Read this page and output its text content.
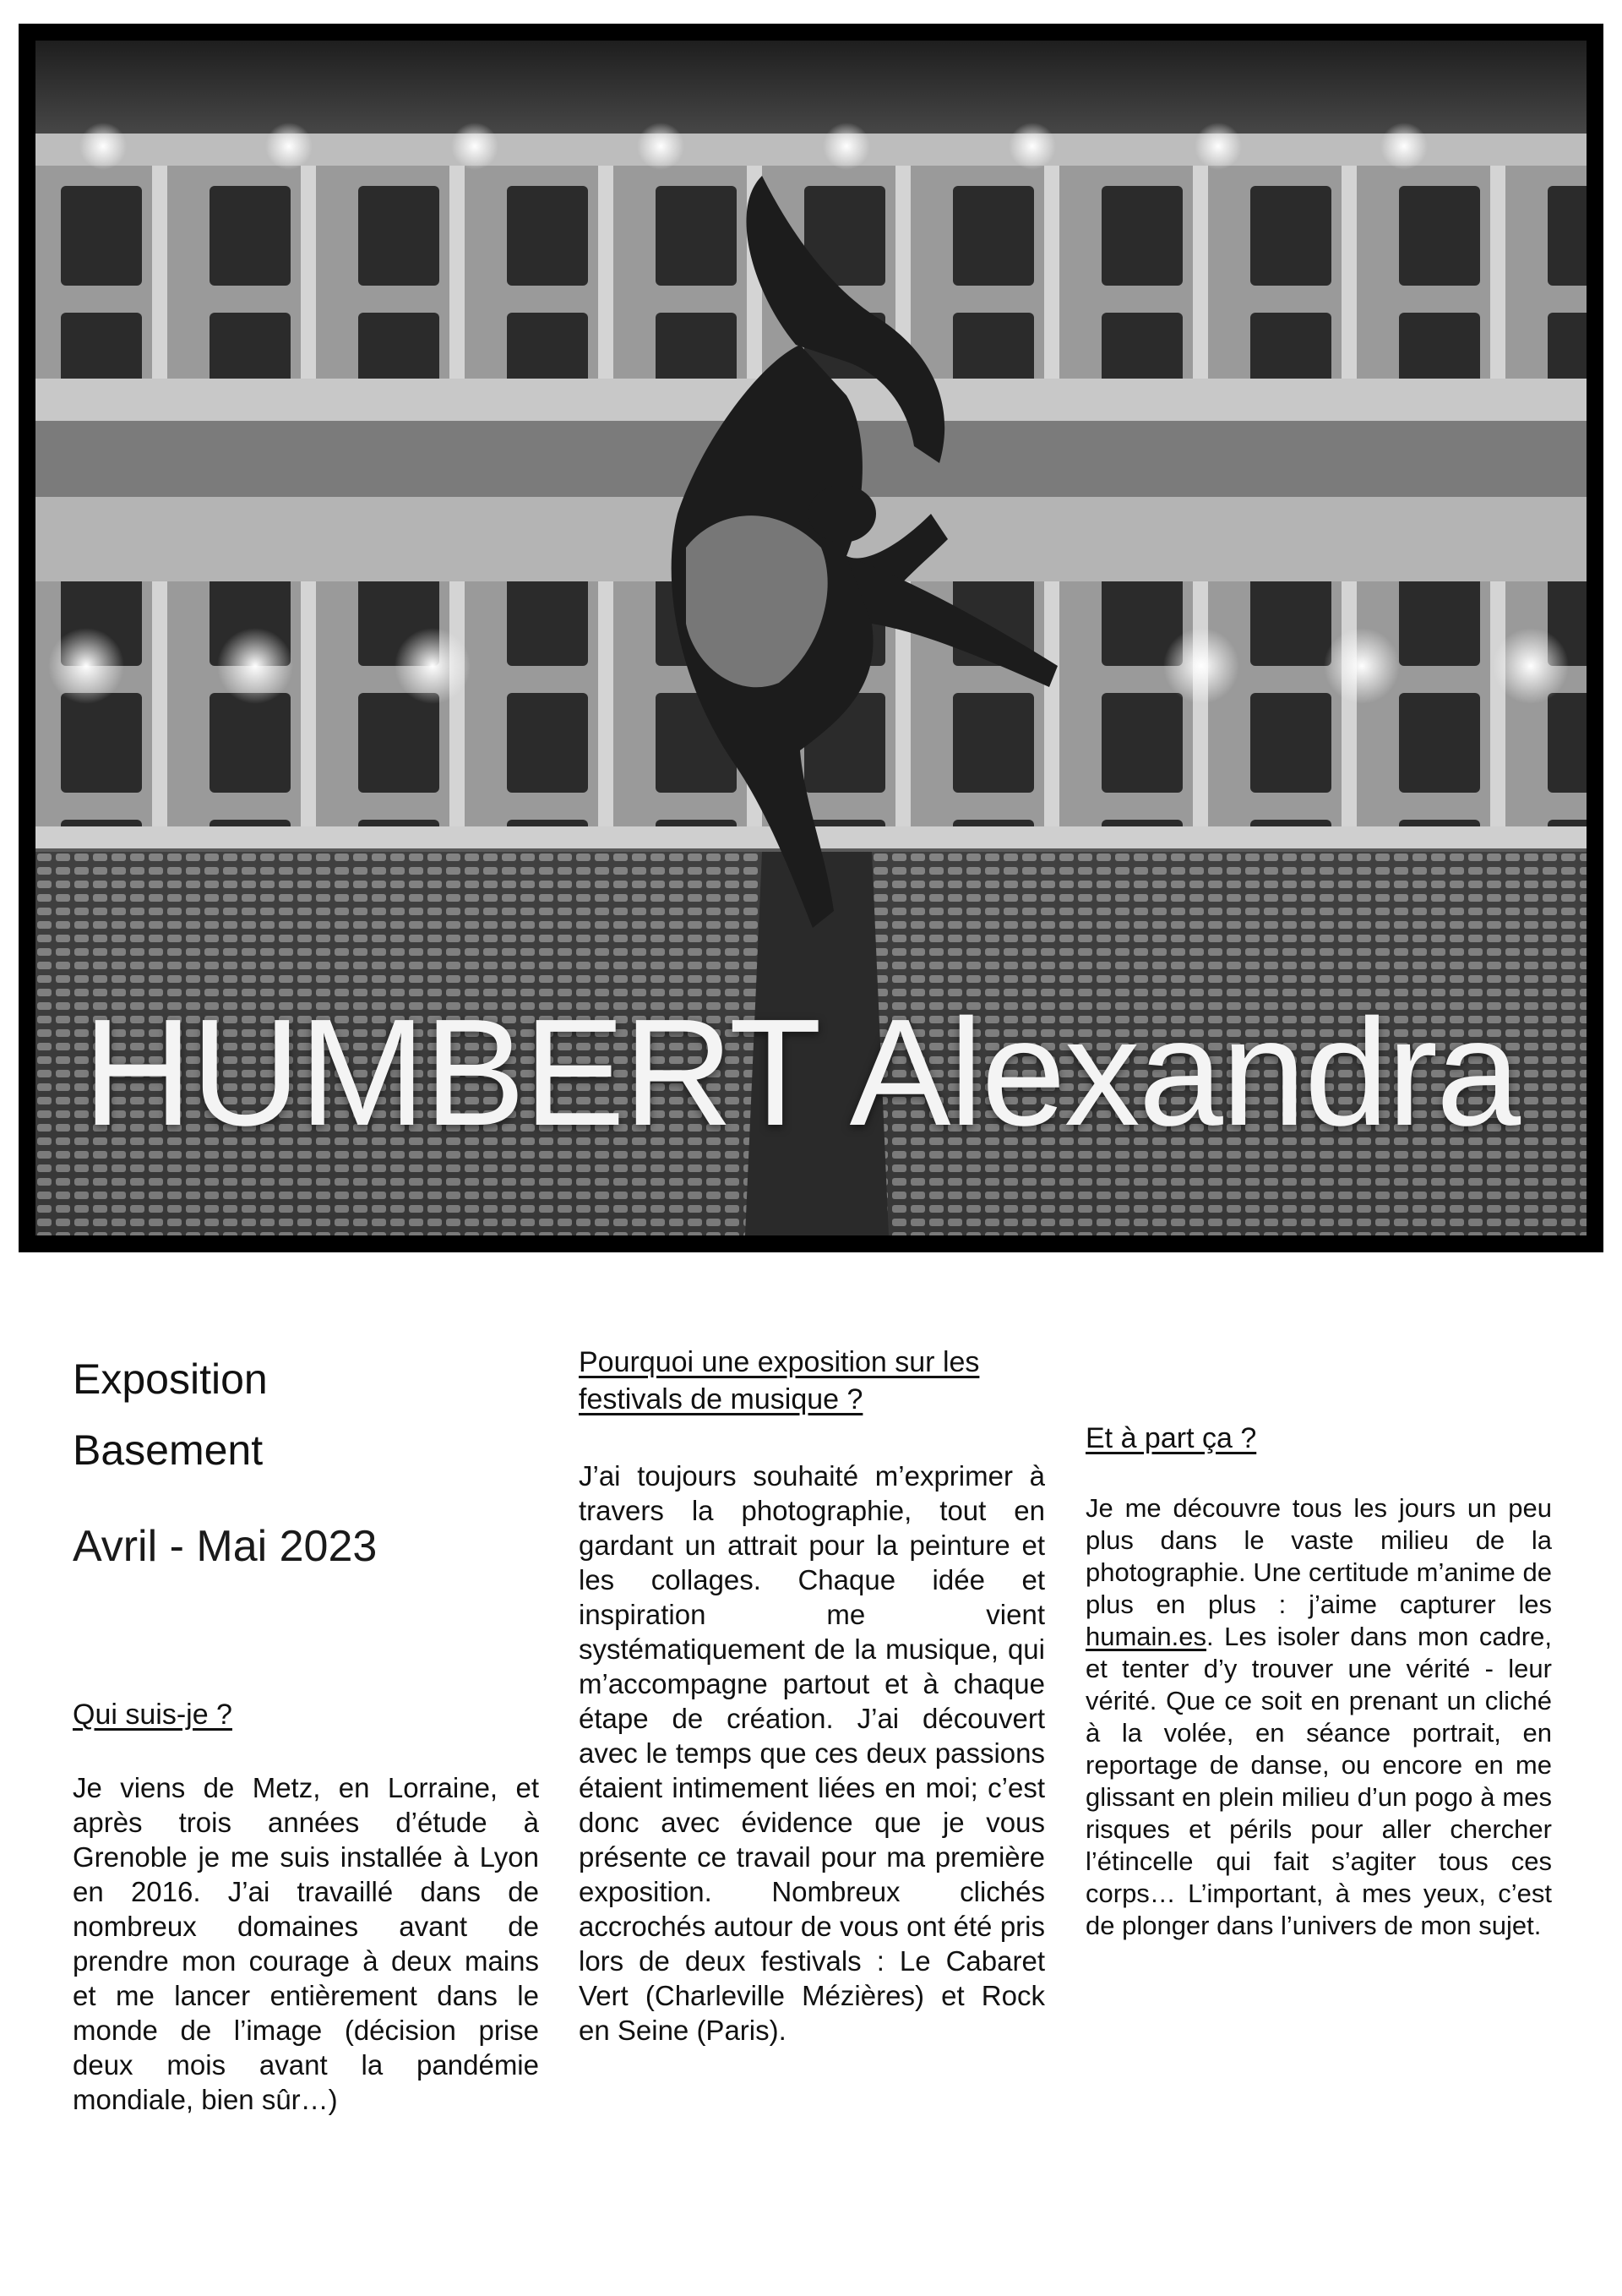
HUMBERT Alexandra

Exposition

Basement

Avril - Mai 2023

Qui suis-je ?

Je viens de Metz, en Lorraine, et après trois années d’étude à Grenoble je me suis installée à Lyon en 2016. J’ai travaillé dans de nombreux domaines avant de prendre mon courage à deux mains et me lancer entièrement dans le monde de l’image (décision prise deux mois avant la pandémie mondiale, bien sûr…)

Pourquoi une exposition sur les festivals de musique ?

J’ai toujours souhaité m’exprimer à travers la photographie, tout en gardant un attrait pour la peinture et les collages. Chaque idée et inspiration me vient systématiquement de la musique, qui m’accompagne partout et à chaque étape de création. J’ai découvert avec le temps que ces deux passions étaient intimement liées en moi; c’est donc avec évidence que je vous présente ce travail pour ma première exposition. Nombreux clichés accrochés autour de vous ont été pris lors de deux festivals : Le Cabaret Vert (Charleville Mézières) et Rock en Seine (Paris).

Et à part ça ?

Je me découvre tous les jours un peu plus dans le vaste milieu de la photographie. Une certitude m’anime de plus en plus : j’aime capturer les humain.es. Les isoler dans mon cadre, et tenter d’y trouver une vérité - leur vérité. Que ce soit en prenant un cliché à la volée, en séance portrait, en reportage de danse, ou encore en me glissant en plein milieu d’un pogo à mes risques et périls pour aller chercher l’étincelle qui fait s’agiter tous ces corps… L’important, à mes yeux, c’est de plonger dans l’univers de mon sujet.
